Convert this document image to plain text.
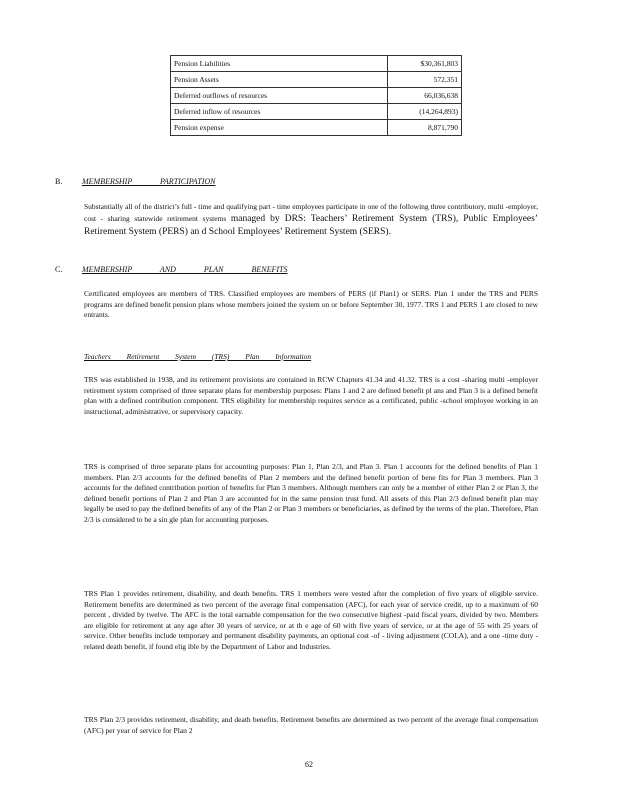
Pension Liabilities	$30,361,803
Pension Assets	572,351
Deferred outflows of resources	66,036,638
Deferred inflow of resources	(14,264,893)
Pension expense	8,871,790
B. MEMBERSHIP PARTICIPATION
Substantially all of the district’s full - time and qualifying part - time employees participate in one of the following three contributory, multi -employer, cost - sharing statewide retirement systems managed by DRS: Teachers’ Retirement System (TRS), Public Employees’ Retirement System (PERS) an d School Employees’ Retirement System (SERS).
C. MEMBERSHIP AND PLAN BENEFITS
Certificated employees are members of TRS. Classified employees are members of PERS (if Plan1) or SERS. Plan 1 under the TRS and PERS programs are defined benefit pension plans whose members joined the system on or before September 30, 1977. TRS 1 and PERS 1 are closed to new entrants.
Teachers Retirement System (TRS) Plan Information
TRS was established in 1938, and its retirement provisions are contained in RCW Chapters 41.34 and 41.32. TRS is a cost -sharing multi -employer retirement system comprised of three separate plans for membership purposes: Plans 1 and 2 are defined benefit pl ans and Plan 3 is a defined benefit plan with a defined contribution component. TRS eligibility for membership requires service as a certificated, public -school employee working in an instructional, administrative, or supervisory capacity.
TRS is comprised of three separate plans for accounting purposes: Plan 1, Plan 2/3, and Plan 3. Plan 1 accounts for the defined benefits of Plan 1 members. Plan 2/3 accounts for the defined benefits of Plan 2 members and the defined benefit portion of bene fits for Plan 3 members. Plan 3 accounts for the defined contribution portion of benefits for Plan 3 members. Although members can only be a member of either Plan 2 or Plan 3, the defined benefit portions of Plan 2 and Plan 3 are accounted for in the same pension trust fund. All assets of this Plan 2/3 defined benefit plan may legally be used to pay the defined benefits of any of the Plan 2 or Plan 3 members or beneficiaries, as defined by the terms of the plan. Therefore, Plan 2/3 is considered to be a sin gle plan for accounting purposes.
TRS Plan 1 provides retirement, disability, and death benefits. TRS 1 members were vested after the completion of five years of eligible service. Retirement benefits are determined as two percent of the average final compensation (AFC), for each year of service credit, up to a maximum of 60 percent , divided by twelve. The AFC is the total earnable compensation for the two consecutive highest -paid fiscal years, divided by two. Members are eligible for retirement at any age after 30 years of service, or at th e age of 60 with five years of service, or at the age of 55 with 25 years of service. Other benefits include temporary and permanent disability payments, an optional cost -of - living adjustment (COLA), and a one -time duty -related death benefit, if found elig ible by the Department of Labor and Industries.
TRS Plan 2/3 provides retirement, disability, and death benefits. Retirement benefits are determined as two percent of the average final compensation (AFC) per year of service for Plan 2
62
